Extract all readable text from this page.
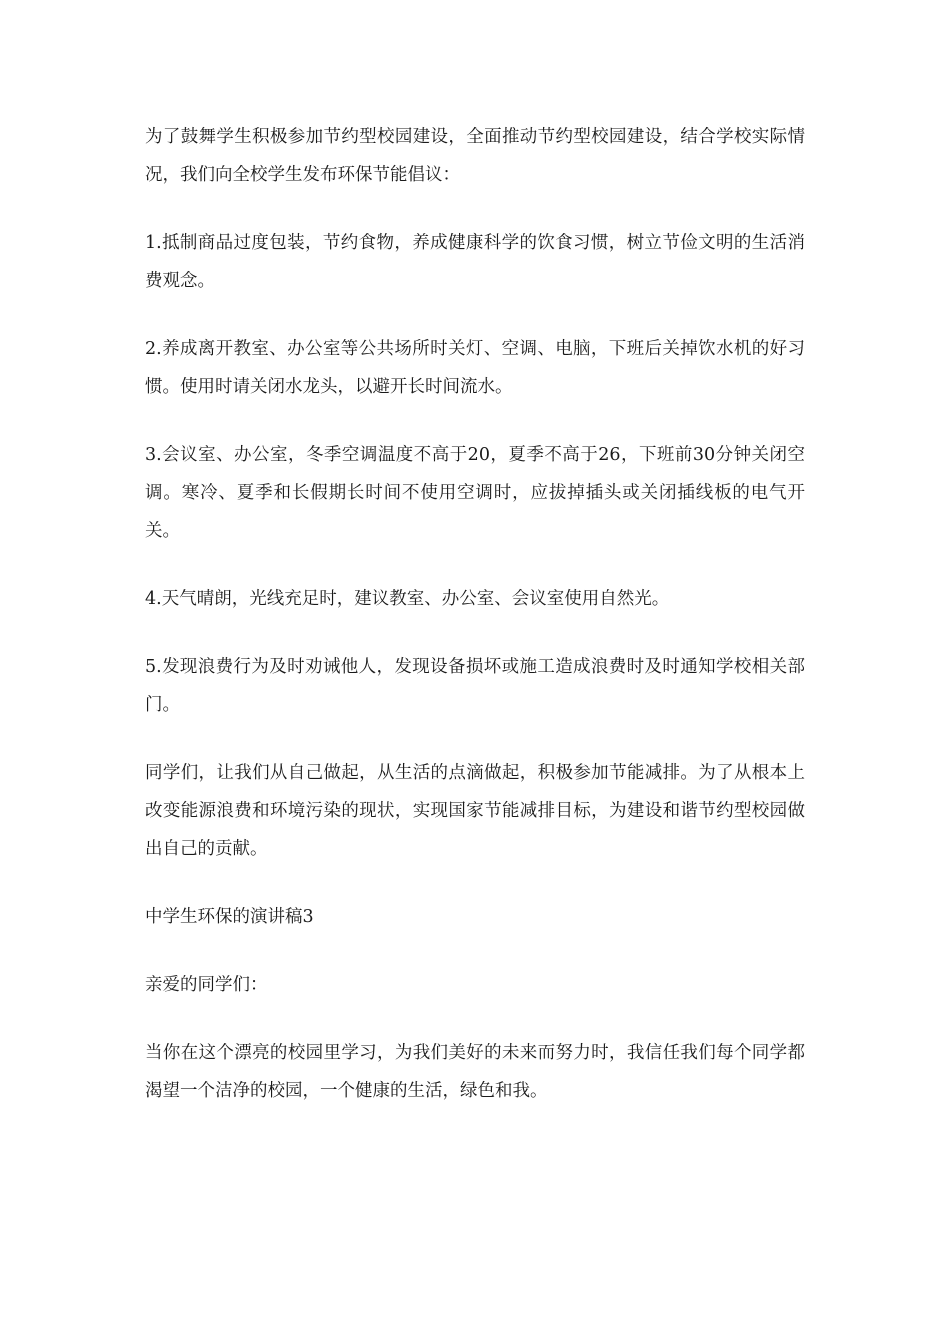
为了鼓舞学生积极参加节约型校园建设，全面推动节约型校园建设，结合学校实际情况，我们向全校学生发布环保节能倡议：

1.抵制商品过度包装，节约食物，养成健康科学的饮食习惯，树立节俭文明的生活消费观念。

2.养成离开教室、办公室等公共场所时关灯、空调、电脑，下班后关掉饮水机的好习惯。使用时请关闭水龙头，以避开长时间流水。

3.会议室、办公室，冬季空调温度不高于20，夏季不高于26，下班前30分钟关闭空调。寒冷、夏季和长假期长时间不使用空调时，应拔掉插头或关闭插线板的电气开关。

4.天气晴朗，光线充足时，建议教室、办公室、会议室使用自然光。

5.发现浪费行为及时劝诫他人，发现设备损坏或施工造成浪费时及时通知学校相关部门。

同学们，让我们从自己做起，从生活的点滴做起，积极参加节能减排。为了从根本上改变能源浪费和环境污染的现状，实现国家节能减排目标，为建设和谐节约型校园做出自己的贡献。

中学生环保的演讲稿3

亲爱的同学们：

当你在这个漂亮的校园里学习，为我们美好的未来而努力时，我信任我们每个同学都渴望一个洁净的校园，一个健康的生活，绿色和我。
